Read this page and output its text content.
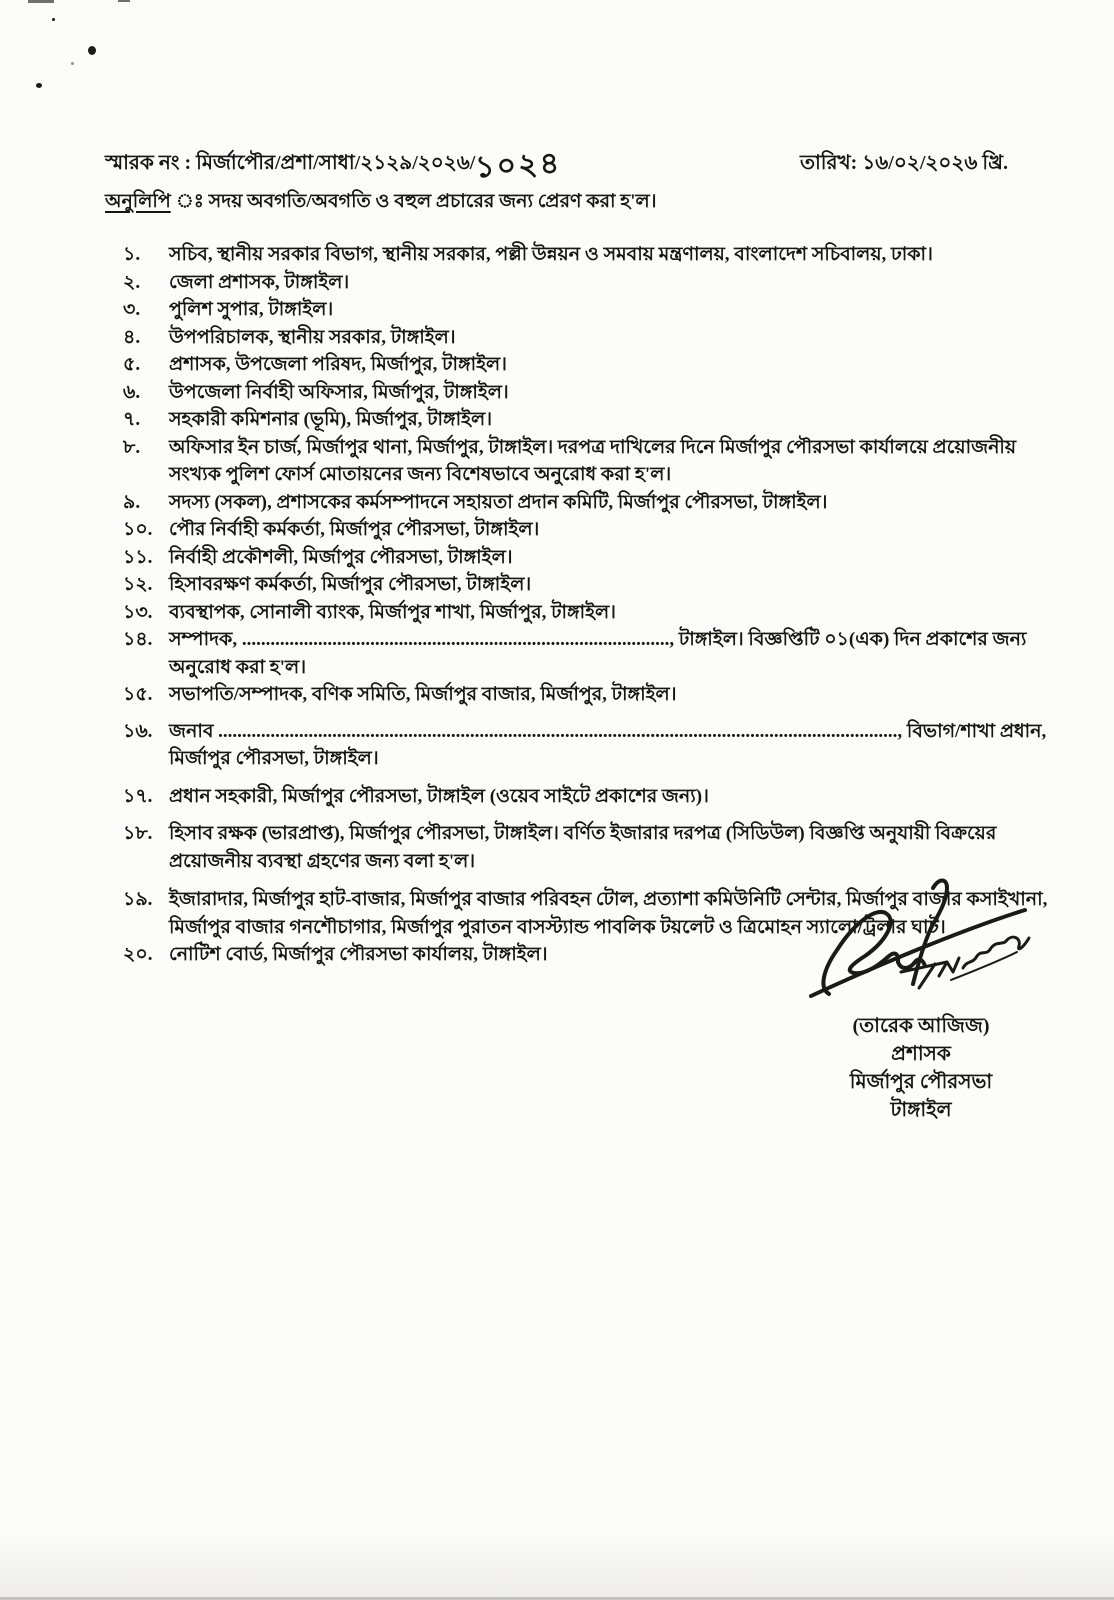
স্মারক নং : মির্জাপৌর/প্রশা/সাধা/২১২৯/২০২৬/ ১০২৪	তারিখ: ১৬/০২/২০২৬ খ্রি.
অনুলিপি ঃ সদয় অবগতি/অবগতি ও বহুল প্রচারের জন্য প্রেরণ করা হ'ল।
১.	সচিব, স্থানীয় সরকার বিভাগ, স্থানীয় সরকার, পল্লী উন্নয়ন ও সমবায় মন্ত্রণালয়, বাংলাদেশ সচিবালয়, ঢাকা।
২.	জেলা প্রশাসক, টাঙ্গাইল।
৩.	পুলিশ সুপার, টাঙ্গাইল।
৪.	উপপরিচালক, স্থানীয় সরকার, টাঙ্গাইল।
৫.	প্রশাসক, উপজেলা পরিষদ, মির্জাপুর, টাঙ্গাইল।
৬.	উপজেলা নির্বাহী অফিসার, মির্জাপুর, টাঙ্গাইল।
৭.	সহকারী কমিশনার (ভূমি), মির্জাপুর, টাঙ্গাইল।
৮.	অফিসার ইন চার্জ, মির্জাপুর থানা, মির্জাপুর, টাঙ্গাইল। দরপত্র দাখিলের দিনে মির্জাপুর পৌরসভা কার্যালয়ে প্রয়োজনীয় সংখ্যক পুলিশ ফোর্স মোতায়নের জন্য বিশেষভাবে অনুরোধ করা হ'ল।
৯.	সদস্য (সকল), প্রশাসকের কর্মসম্পাদনে সহায়তা প্রদান কমিটি, মির্জাপুর পৌরসভা, টাঙ্গাইল।
১০. পৌর নির্বাহী কর্মকর্তা, মির্জাপুর পৌরসভা, টাঙ্গাইল।
১১. নির্বাহী প্রকৌশলী, মির্জাপুর পৌরসভা, টাঙ্গাইল।
১২. হিসাবরক্ষণ কর্মকর্তা, মির্জাপুর পৌরসভা, টাঙ্গাইল।
১৩. ব্যবস্থাপক, সোনালী ব্যাংক, মির্জাপুর শাখা, মির্জাপুর, টাঙ্গাইল।
১৪. সম্পাদক, .........................................................................................., টাঙ্গাইল। বিজ্ঞপ্তিটি ০১(এক) দিন প্রকাশের জন্য অনুরোধ করা হ'ল।
১৫. সভাপতি/সম্পাদক, বণিক সমিতি, মির্জাপুর বাজার, মির্জাপুর, টাঙ্গাইল।
১৬. জনাব ..............................................................................................................................................., বিভাগ/শাখা প্রধান, মির্জাপুর পৌরসভা, টাঙ্গাইল।
১৭. প্রধান সহকারী, মির্জাপুর পৌরসভা, টাঙ্গাইল (ওয়েব সাইটে প্রকাশের জন্য)।
১৮. হিসাব রক্ষক (ভারপ্রাপ্ত), মির্জাপুর পৌরসভা, টাঙ্গাইল। বর্ণিত ইজারার দরপত্র (সিডিউল) বিজ্ঞপ্তি অনুযায়ী বিক্রয়ের প্রয়োজনীয় ব্যবস্থা গ্রহণের জন্য বলা হ'ল।
১৯. ইজারাদার, মির্জাপুর হাট-বাজার, মির্জাপুর বাজার পরিবহন টোল, প্রত্যাশা কমিউনিটি সেন্টার, মির্জাপুর বাজার কসাইখানা, মির্জাপুর বাজার গনশৌচাগার, মির্জাপুর পুরাতন বাসস্ট্যান্ড পাবলিক টয়লেট ও ত্রিমোহন স্যালো/ট্রলার ঘাট।
২০. নোটিশ বোর্ড, মির্জাপুর পৌরসভা কার্যালয়, টাঙ্গাইল।
(তারেক আজিজ)
প্রশাসক
মির্জাপুর পৌরসভা
টাঙ্গাইল
